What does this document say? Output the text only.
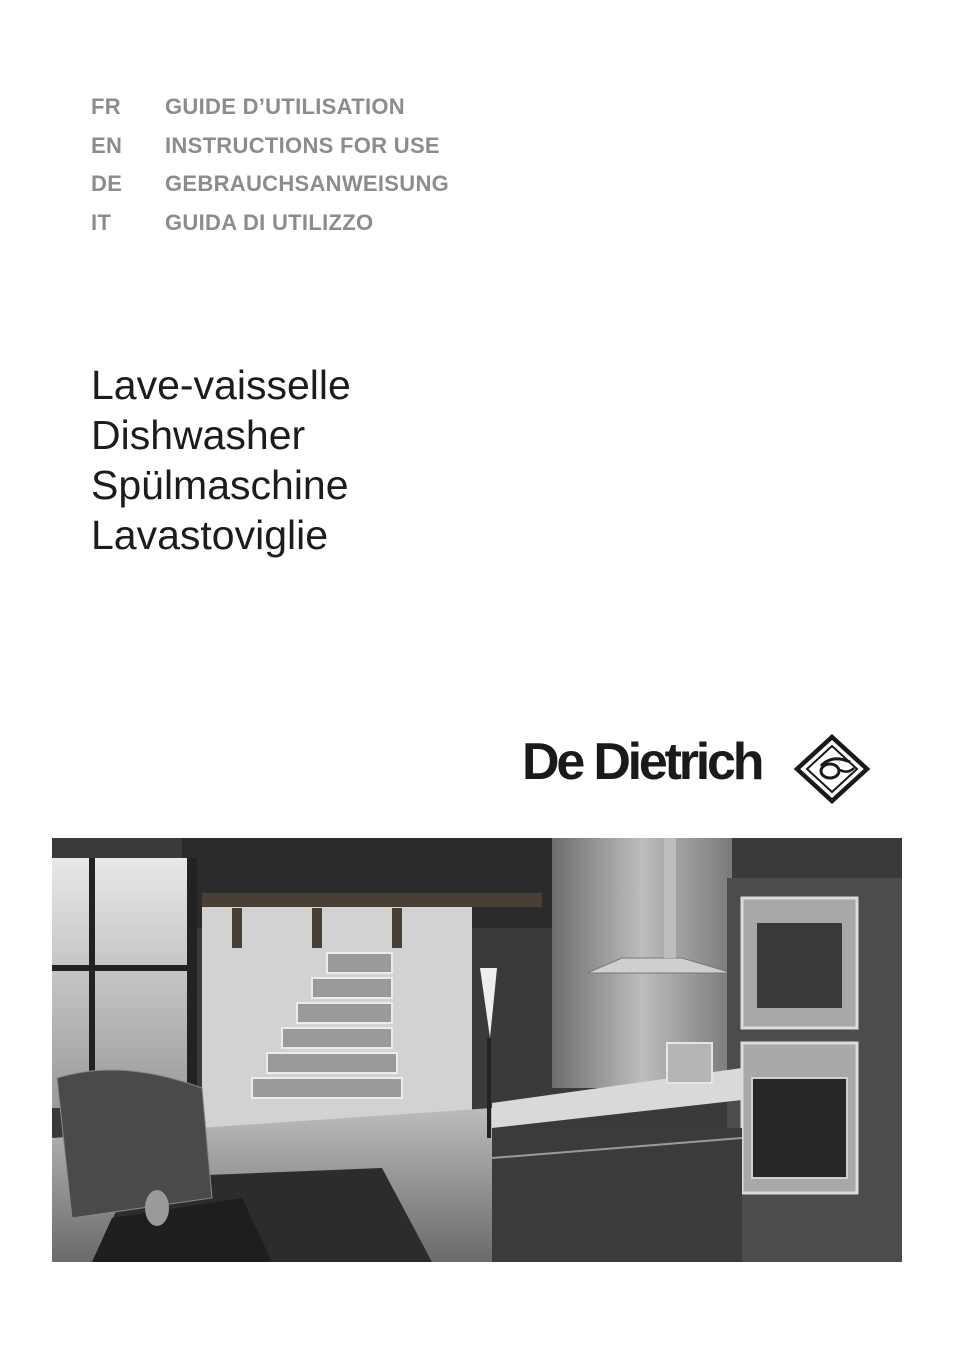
FR	GUIDE D’UTILISATION
EN	INSTRUCTIONS FOR USE
DE	GEBRAUCHSANWEISUNG
IT	GUIDA DI UTILIZZO
Lave-vaisselle
Dishwasher
Spülmaschine
Lavastoviglie
De Dietrich
